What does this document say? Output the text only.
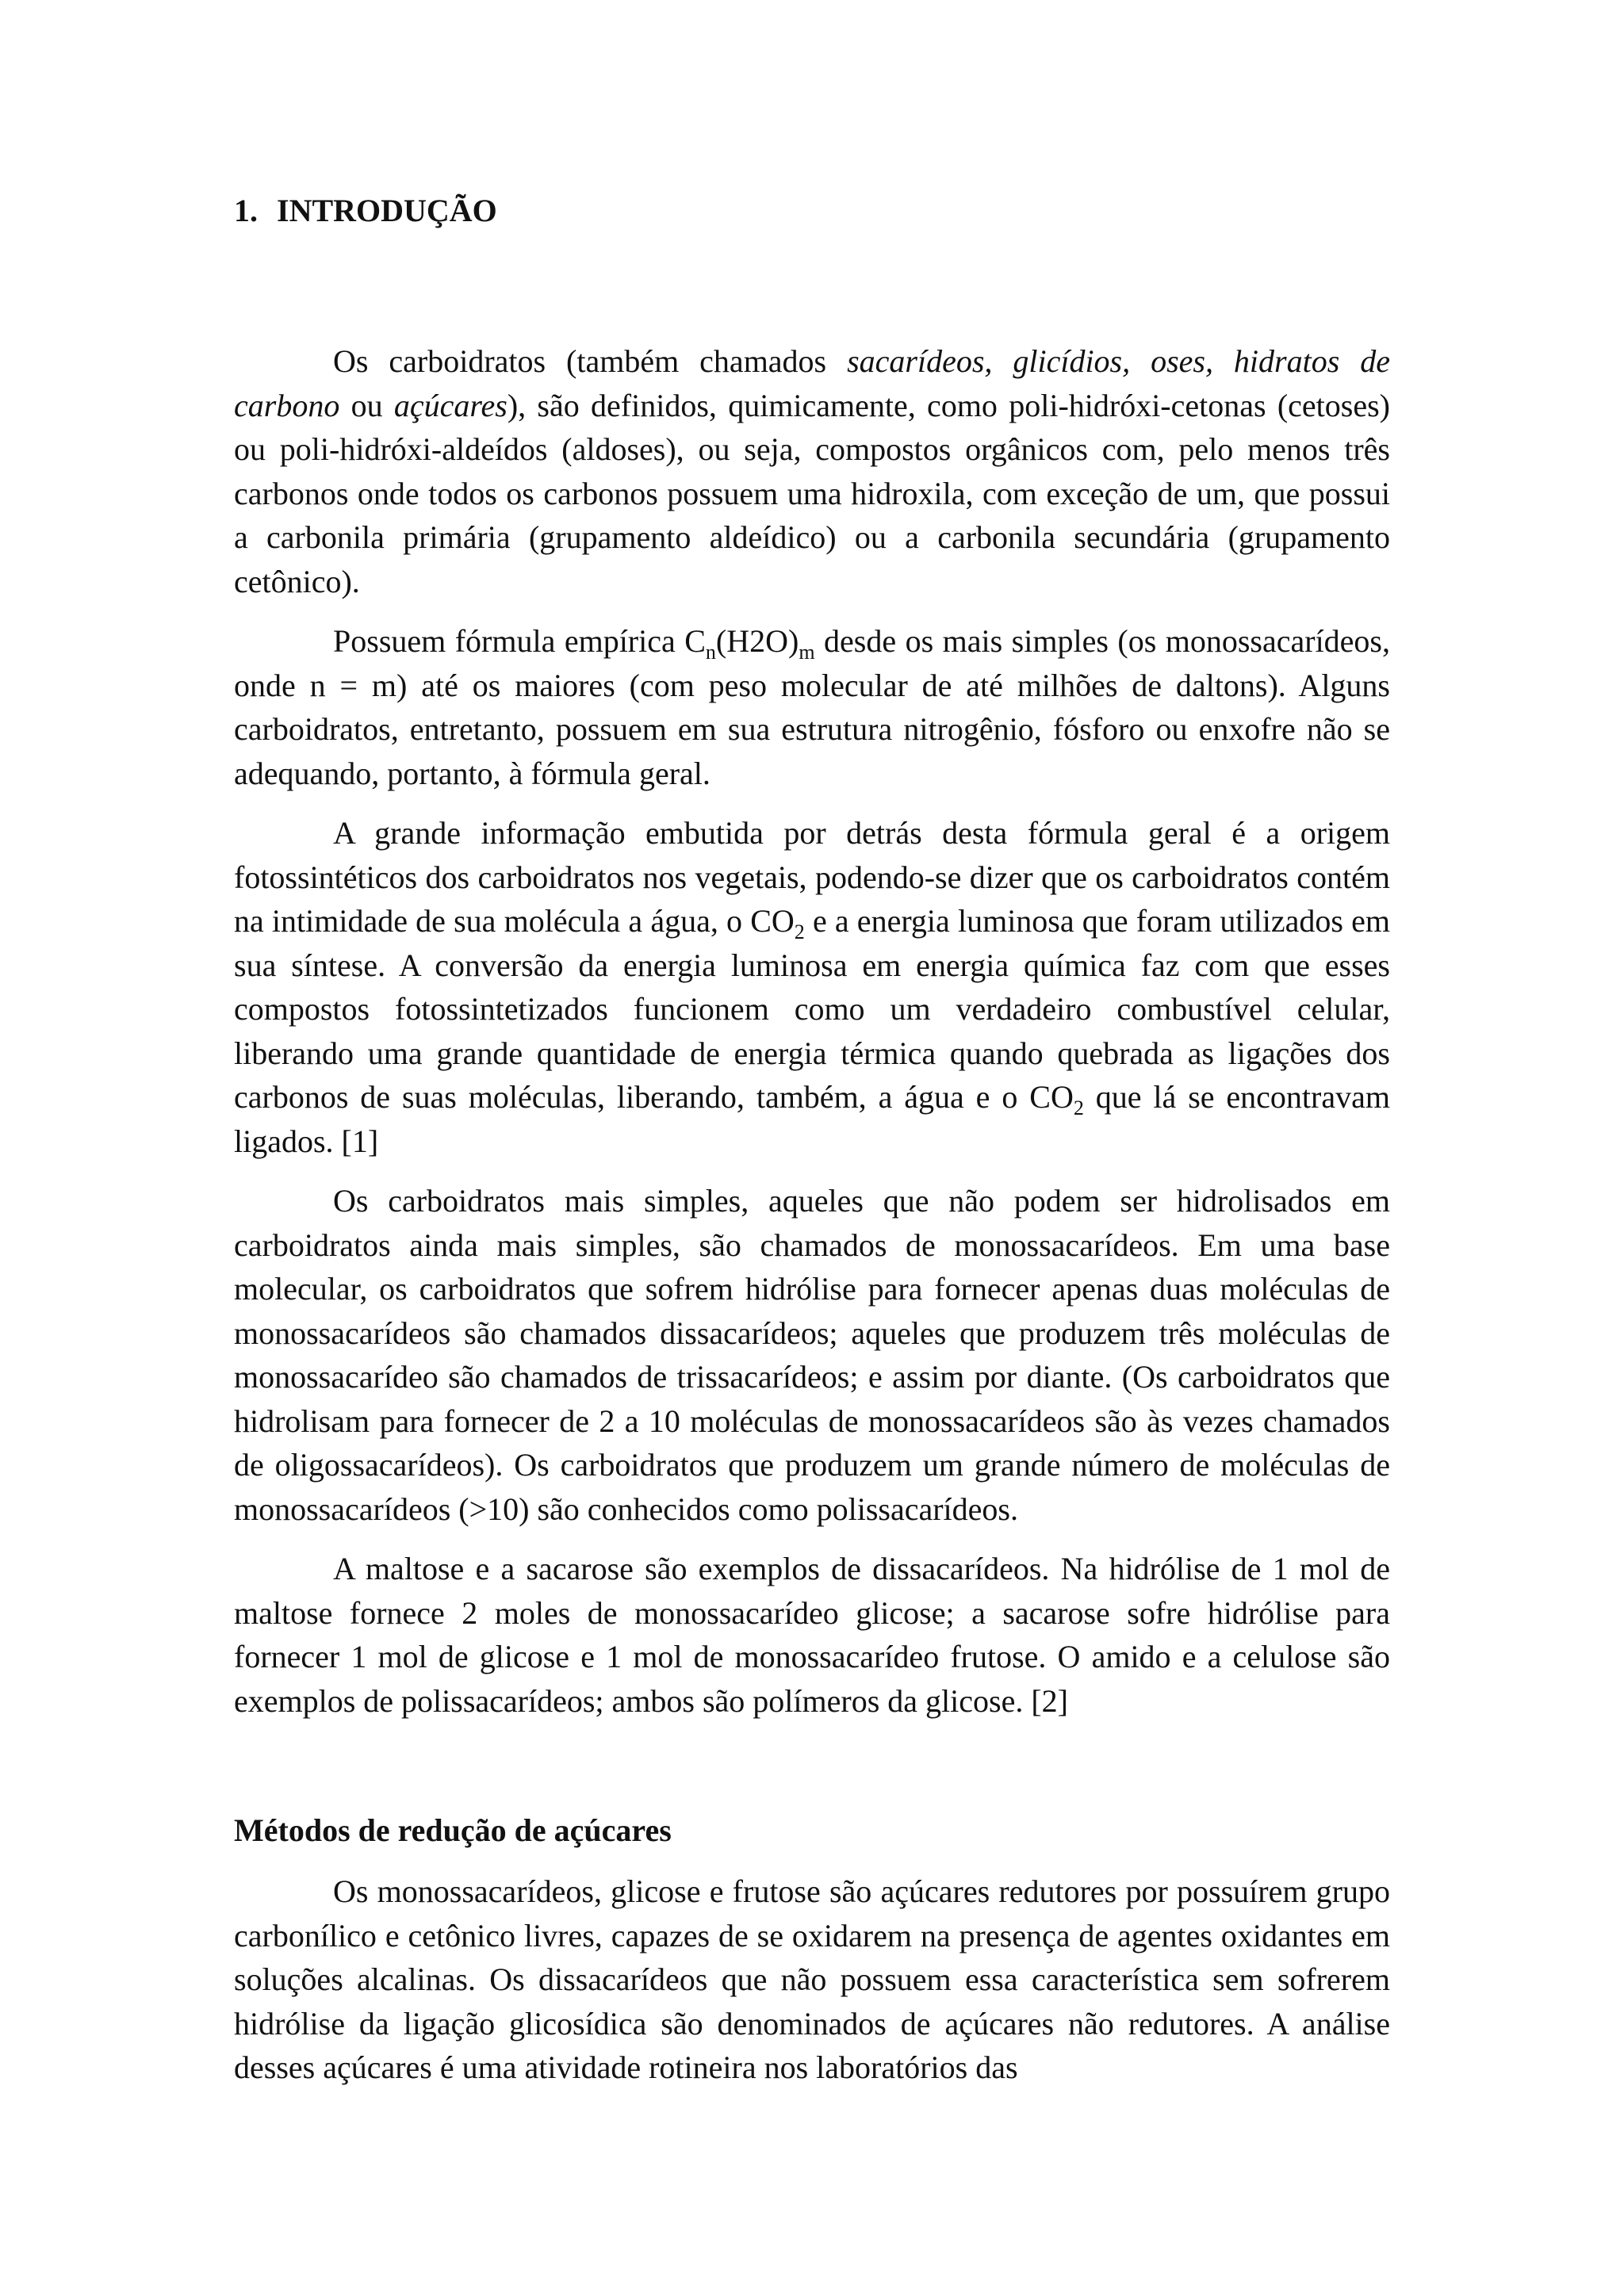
1. INTRODUÇÃO

Os carboidratos (também chamados sacarídeos, glicídios, oses, hidratos de carbono ou açúcares), são definidos, quimicamente, como poli-hidróxi-cetonas (cetoses) ou poli-hidróxi-aldeídos (aldoses), ou seja, compostos orgânicos com, pelo menos três carbonos onde todos os carbonos possuem uma hidroxila, com exceção de um, que possui a carbonila primária (grupamento aldeídico) ou a carbonila secundária (grupamento cetônico).

Possuem fórmula empírica $C_n(H2O)_m$ desde os mais simples (os monossacarídeos, onde n = m) até os maiores (com peso molecular de até milhões de daltons). Alguns carboidratos, entretanto, possuem em sua estrutura nitrogênio, fósforo ou enxofre não se adequando, portanto, à fórmula geral.

A grande informação embutida por detrás desta fórmula geral é a origem fotossintéticos dos carboidratos nos vegetais, podendo-se dizer que os carboidratos contém na intimidade de sua molécula a água, o $CO_2$ e a energia luminosa que foram utilizados em sua síntese. A conversão da energia luminosa em energia química faz com que esses compostos fotossintetizados funcionem como um verdadeiro combustível celular, liberando uma grande quantidade de energia térmica quando quebrada as ligações dos carbonos de suas moléculas, liberando, também, a água e o $CO_2$ que lá se encontravam ligados. [1]

Os carboidratos mais simples, aqueles que não podem ser hidrolisados em carboidratos ainda mais simples, são chamados de monossacarídeos. Em uma base molecular, os carboidratos que sofrem hidrólise para fornecer apenas duas moléculas de monossacarídeos são chamados dissacarídeos; aqueles que produzem três moléculas de monossacarídeo são chamados de trissacarídeos; e assim por diante. (Os carboidratos que hidrolisam para fornecer de 2 a 10 moléculas de monossacarídeos são às vezes chamados de oligossacarídeos). Os carboidratos que produzem um grande número de moléculas de monossacarídeos (>10) são conhecidos como polissacarídeos.

A maltose e a sacarose são exemplos de dissacarídeos. Na hidrólise de 1 mol de maltose fornece 2 moles de monossacarídeo glicose; a sacarose sofre hidrólise para fornecer 1 mol de glicose e 1 mol de monossacarídeo frutose. O amido e a celulose são exemplos de polissacarídeos; ambos são polímeros da glicose. [2]

Métodos de redução de açúcares

Os monossacarídeos, glicose e frutose são açúcares redutores por possuírem grupo carbonílico e cetônico livres, capazes de se oxidarem na presença de agentes oxidantes em soluções alcalinas. Os dissacarídeos que não possuem essa característica sem sofrerem hidrólise da ligação glicosídica são denominados de açúcares não redutores. A análise desses açúcares é uma atividade rotineira nos laboratórios das
